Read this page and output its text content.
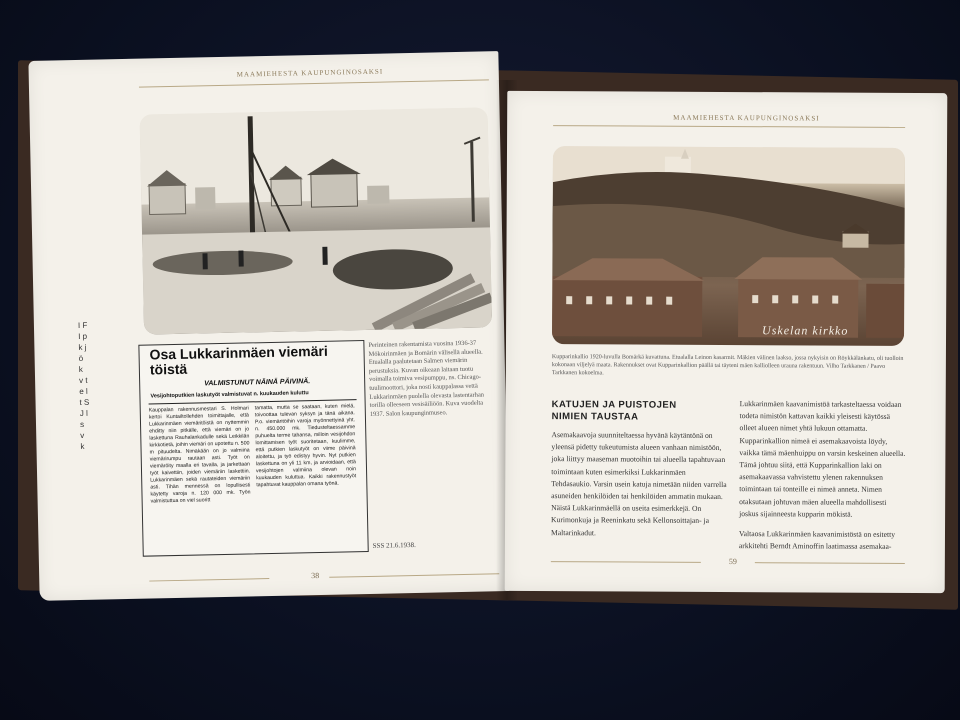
MAAMIEHESTA KAUPUNGINOSAKSI
I F I p k j ö k v t e l t S J l s v k
Osa Lukkarinmäen viemäri töistä
VALMISTUNUT NÄINÄ PÄIVINÄ.
Vesijohtoputkien laskutyöt valmistuvat n. kuukauden kuluttu
Kauppalan rakennusmestari S. Holmari kertoi Kuntailtollehden toimittajalle, että Lukkarinmäen viemäritöistä on nyttemmin ehditty niin pitkälle, että viemäri on jo laskettuna Rauhalankadulle sekä Leikkilän kirkkotietä, joihin viemäri on upotettu n. 500 m pituudelta. Nimäkään on jo valmiina viemärirumpu rautaan asti. Työt on viemäröity maalla eri tavalla, ja jarkettaan työt kaivettiin, joiden viemäriin laskettiin. Lukkarinmäen sekä rautateiden viemäriin asti. Tihän mennessä on lopullisesti käytetty varoja n. 120 000 mk. Työn valmistuttua on viel suoritt
tamatta, mutta se saataan, kuten mielä, toivoottaa tulevan syksyn ja tänä aikana. P.o. viemäritöihin varoja myönnettyinä yht. n. 450.000 mk. Tiedusteltaessamme puhuelta terme tahansa, milloin vesijohdon lomittamisen työt suoritetaan, kuulimme, että putkien laskutyöt on viime päivinä aloitettu, ja työ edistyy hyvin. Nyt putkien laskettuna on yli 11 km, ja arvioidaan, että vesijohtojen valmiina olevan noin kuukauden kuluttua. Kaikki rakennustyöt tapahtuvat kauppalan omana työnä.
Perinteinen rakentamista vuosina 1936-37 Mökoirinmäen ja Bomärin välisellä alueella. Etualalla paalutetaan Salmen viemärin perustuksia. Kuvan oikeaan laitaan tuotu voimalla toimiva vesipumppu, ns. Chicago-tuulimoottori, joka nosti kauppalassa vettä Lukkarinmäen puolella olevasta lastentarhan torilla olleeseen vesisäiliöön. Kuva vuodelta 1937. Salon kaupunginmuseo.
SSS 21.6.1938.
38
MAAMIEHESTA KAUPUNGINOSAKSI
Uskelan kirkko
Kupparinkallio 1920-luvulla Bomärkä kuvattuna. Etualalla Leinon kasarmit. Mäkien välinen laakso, jossa nykyisin on Röykkälänkatu, oli tuolloin kokonaan viljelyä maata. Rakennukset ovat Kupparinkallion päällä tai täyteni mäen kalliolleen urauna rakentuun. Vilho Tarkkanen / Paavo Tarkkanen kokoelma.
KATUJEN JA PUISTOJEN
NIMIEN TAUSTAA
Asemakaavoja suunniteltaessa hyvänä käytäntönä on yleensä pidetty tukeutumista alueen vanhaan nimistöön, joka liittyy maaseman muotoihin tai alueella tapahtuvaan toimintaan kuten esimerkiksi Lukkarinmäen Tehdasaukio. Varsin usein katuja nimetään niiden varrella asuneiden henkilöiden tai henkilöiden ammatin mukaan. Näistä Lukkarinmäellä on useita esimerkkejä. On Kurimonkuja ja Reeninkatu sekä Kellonsoittajan- ja Maltarinkadut.
Lukkarinmäen kaavanimistöä tarkasteltaessa voidaan todeta nimistön kattavan kaikki yleisesti käytössä olleet alueen nimet yhtä lukuun ottamatta. Kupparinkallion nimeä ei asemakaavoista löydy, vaikka tämä mäenhuippu on varsin keskeinen alueella. Tämä johtuu siitä, että Kupparinkallion laki on asemakaavassa vahvistettu ylenen rakennuksen toimintaan tai tonteille ei nimeä anneta. Nimen otaksutaan johtuvan mäen alueella mahdollisesti joskus sijainneesta kupparin mökistä.
Valtaosa Lukkarinmäen kaavanimistöstä on esitetty arkkitehti Berndt Aminoffin laatimassa asemakaa-
59
